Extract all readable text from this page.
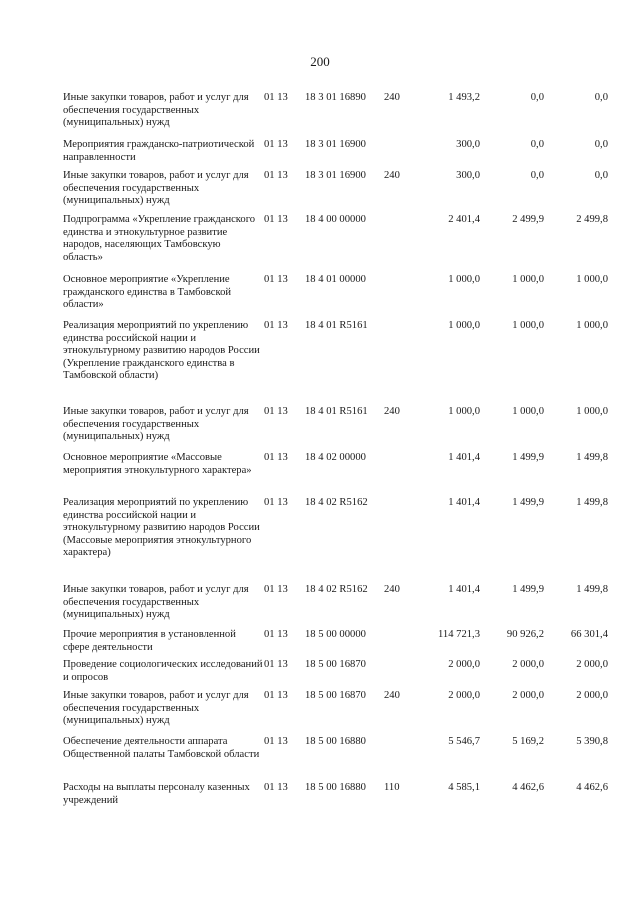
200
Иные закупки товаров, работ и услуг для обеспечения государственных (муниципальных) нужд
01 13 18 3 01 16890 240	1 493,2	0,0	0,0
Мероприятия гражданско-патриотической направленности
01 13 18 3 01 16900	300,0	0,0	0,0
Иные закупки товаров, работ и услуг для обеспечения государственных (муниципальных) нужд
01 13 18 3 01 16900 240	300,0	0,0	0,0
Подпрограмма «Укрепление гражданского единства и этнокультурное развитие народов, населяющих Тамбовскую область»
01 13 18 4 00 00000	2 401,4	2 499,9	2 499,8
Основное мероприятие «Укрепление гражданского единства в Тамбовской области»
01 13 18 4 01 00000	1 000,0	1 000,0	1 000,0
Реализация мероприятий по укреплению единства российской нации и этнокультурному развитию народов России (Укрепление гражданского единства в Тамбовской области)
01 13 18 4 01 R5161	1 000,0	1 000,0	1 000,0
Иные закупки товаров, работ и услуг для обеспечения государственных (муниципальных) нужд
01 13 18 4 01 R5161 240	1 000,0	1 000,0	1 000,0
Основное мероприятие «Массовые мероприятия этнокультурного характера»
01 13 18 4 02 00000	1 401,4	1 499,9	1 499,8
Реализация мероприятий по укреплению единства российской нации и этнокультурному развитию народов России (Массовые мероприятия этнокультурного характера)
01 13 18 4 02 R5162	1 401,4	1 499,9	1 499,8
Иные закупки товаров, работ и услуг для обеспечения государственных (муниципальных) нужд
01 13 18 4 02 R5162 240	1 401,4	1 499,9	1 499,8
Прочие мероприятия в установленной сфере деятельности
01 13 18 5 00 00000	114 721,3	90 926,2	66 301,4
Проведение социологических исследований и опросов
01 13 18 5 00 16870	2 000,0	2 000,0	2 000,0
Иные закупки товаров, работ и услуг для обеспечения государственных (муниципальных) нужд
01 13 18 5 00 16870 240	2 000,0	2 000,0	2 000,0
Обеспечение деятельности аппарата Общественной палаты Тамбовской области
01 13 18 5 00 16880	5 546,7	5 169,2	5 390,8
Расходы на выплаты персоналу казенных учреждений
01 13 18 5 00 16880 110	4 585,1	4 462,6	4 462,6
